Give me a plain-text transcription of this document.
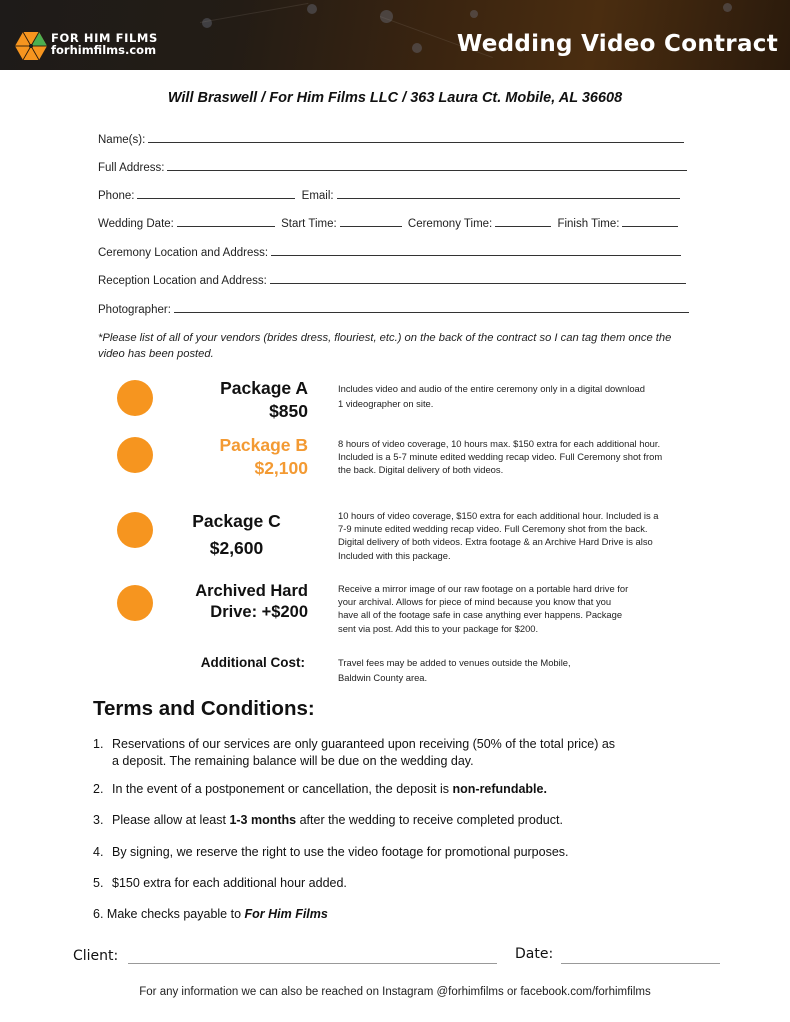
FOR HIM FILMS
forhimfilms.com	Wedding Video Contract
Will Braswell / For Him Films LLC / 363 Laura Ct. Mobile, AL 36608
Name(s):
Full Address:
Phone:	Email:
Wedding Date:	Start Time:	Ceremony Time:	Finish Time:
Ceremony Location and Address:
Reception Location and Address:
Photographer:
*Please list of all of your vendors (brides dress, flouriest, etc.) on the back of the contract so I can tag them once the video has been posted.
Package A
$850
Includes video and audio of the entire ceremony only in a digital download
1 videographer on site.
Package B
$2,100
8 hours of video coverage, 10 hours max. $150 extra for each additional hour.
Included is a 5-7 minute edited wedding recap video. Full Ceremony shot from
the back. Digital delivery of both videos.
Package C
$2,600
10 hours of video coverage, $150 extra for each additional hour. Included is a
7-9 minute edited wedding recap video. Full Ceremony shot from the back.
Digital delivery of both videos. Extra footage & an Archive Hard Drive is also
Included with this package.
Archived Hard
Drive: +$200
Receive a mirror image of our raw footage on a portable hard drive for
your archival. Allows for piece of mind because you know that you
have all of the footage safe in case anything ever happens. Package
sent via post. Add this to your package for $200.
Additional Cost:	Travel fees may be added to venues outside the Mobile,
Baldwin County area.
Terms and Conditions:
1. Reservations of our services are only guaranteed upon receiving (50% of the total price) as
a deposit. The remaining balance will be due on the wedding day.
2. In the event of a postponement or cancellation, the deposit is non-refundable.
3. Please allow at least 1-3 months after the wedding to receive completed product.
4. By signing, we reserve the right to use the video footage for promotional purposes.
5. $150 extra for each additional hour added.
6. Make checks payable to For Him Films
Client:	Date:
For any information we can also be reached on Instagram @forhimfilms or facebook.com/forhimfilms
